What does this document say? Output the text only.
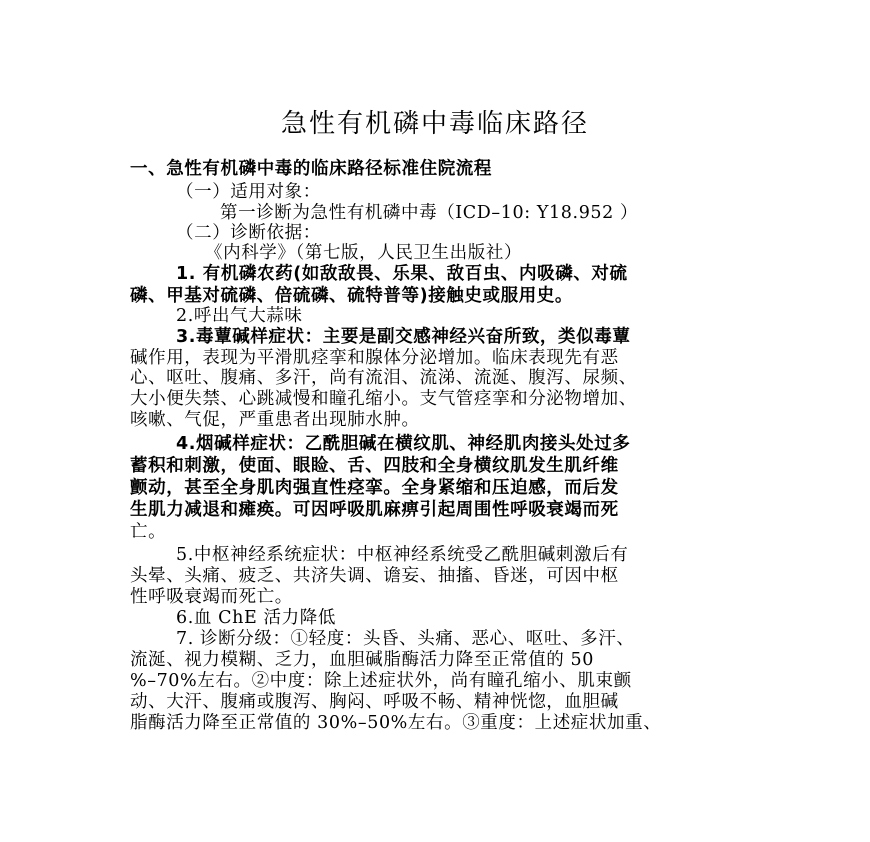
急性有机磷中毒临床路径
一、急性有机磷中毒的临床路径标准住院流程
（一）适用对象：
第一诊断为急性有机磷中毒（ICD–10: Y18.952 ）
（二）诊断依据：
《内科学》（第七版，人民卫生出版社）
1. 有机磷农药(如敌敌畏、乐果、敌百虫、内吸磷、对硫
磷、甲基对硫磷、倍硫磷、硫特普等)接触史或服用史。
2.呼出气大蒜味
3.毒蕈碱样症状：主要是副交感神经兴奋所致，类似毒蕈
碱作用，表现为平滑肌痉挛和腺体分泌增加。临床表现先有恶
心、呕吐、腹痛、多汗，尚有流泪、流涕、流涎、腹泻、尿频、
大小便失禁、心跳减慢和瞳孔缩小。支气管痉挛和分泌物增加、
咳嗽、气促，严重患者出现肺水肿。
4.烟碱样症状：乙酰胆碱在横纹肌、神经肌肉接头处过多
蓄积和刺激，使面、眼睑、舌、四肢和全身横纹肌发生肌纤维
颤动，甚至全身肌肉强直性痉挛。全身紧缩和压迫感，而后发
生肌力减退和瘫痪。可因呼吸肌麻痹引起周围性呼吸衰竭而死
亡。
5.中枢神经系统症状：中枢神经系统受乙酰胆碱刺激后有
头晕、头痛、疲乏、共济失调、谵妄、抽搐、昏迷，可因中枢
性呼吸衰竭而死亡。
6.血 ChE 活力降低
7. 诊断分级：①轻度：头昏、头痛、恶心、呕吐、多汗、
流涎、视力模糊、乏力，血胆碱脂酶活力降至正常值的 50
%–70%左右。②中度：除上述症状外，尚有瞳孔缩小、肌束颤
动、大汗、腹痛或腹泻、胸闷、呼吸不畅、精神恍惚，血胆碱
脂酶活力降至正常值的 30%–50%左右。③重度：上述症状加重、
